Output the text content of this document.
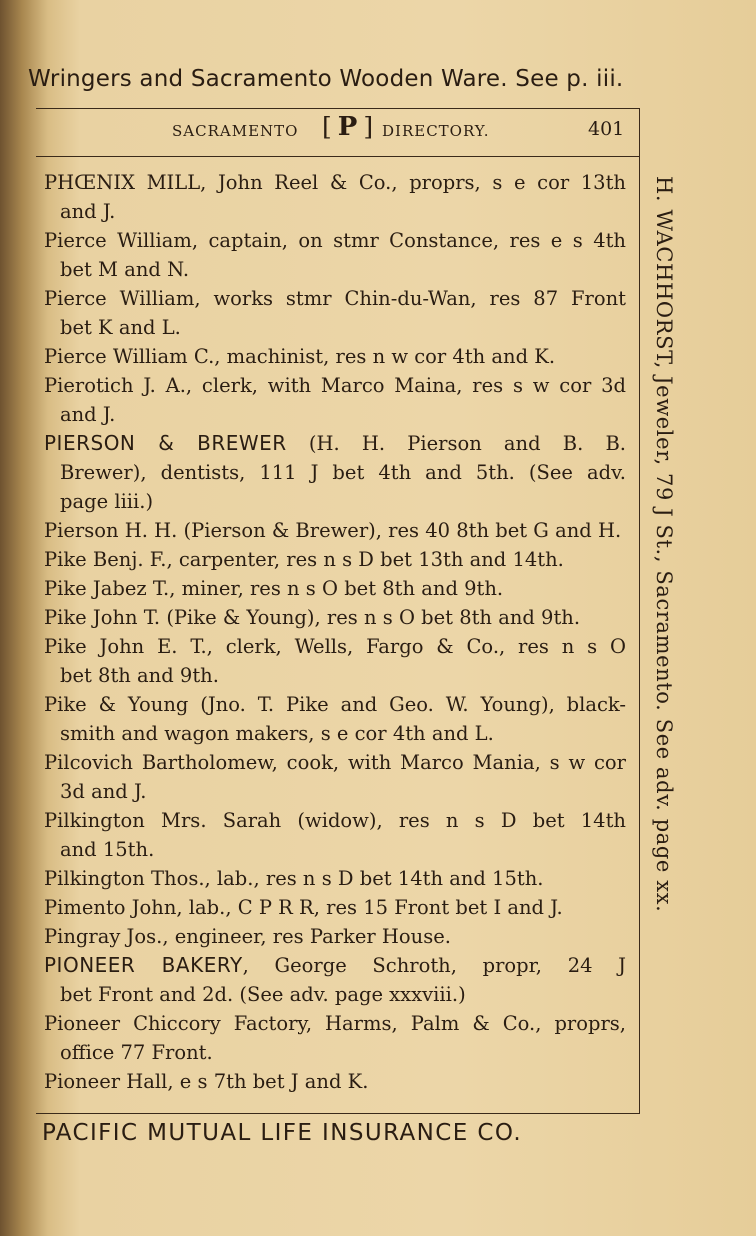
Wringers and Sacramento Wooden Ware. See p. iii.
SACRAMENTO [ P ] DIRECTORY.	401
PHŒNIX MILL, John Reel & Co., proprs, s e cor 13th
and J.
Pierce William, captain, on stmr Constance, res e s 4th
bet M and N.
Pierce William, works stmr Chin-du-Wan, res 87 Front
bet K and L.
Pierce William C., machinist, res n w cor 4th and K.
Pierotich J. A., clerk, with Marco Maina, res s w cor 3d
and J.
PIERSON & BREWER (H. H. Pierson and B. B.
Brewer), dentists, 111 J bet 4th and 5th. (See adv.
page liii.)
Pierson H. H. (Pierson & Brewer), res 40 8th bet G and H.
Pike Benj. F., carpenter, res n s D bet 13th and 14th.
Pike Jabez T., miner, res n s O bet 8th and 9th.
Pike John T. (Pike & Young), res n s O bet 8th and 9th.
Pike John E. T., clerk, Wells, Fargo & Co., res n s O
bet 8th and 9th.
Pike & Young (Jno. T. Pike and Geo. W. Young), black-
smith and wagon makers, s e cor 4th and L.
Pilcovich Bartholomew, cook, with Marco Mania, s w cor
3d and J.
Pilkington Mrs. Sarah (widow), res n s D bet 14th
and 15th.
Pilkington Thos., lab., res n s D bet 14th and 15th.
Pimento John, lab., C P R R, res 15 Front bet I and J.
Pingray Jos., engineer, res Parker House.
PIONEER BAKERY, George Schroth, propr, 24 J
bet Front and 2d. (See adv. page xxxviii.)
Pioneer Chiccory Factory, Harms, Palm & Co., proprs,
office 77 Front.
Pioneer Hall, e s 7th bet J and K.
H. WACHHORST, Jeweler, 79 J St., Sacramento. See adv. page xx.
PACIFIC MUTUAL LIFE INSURANCE CO.
